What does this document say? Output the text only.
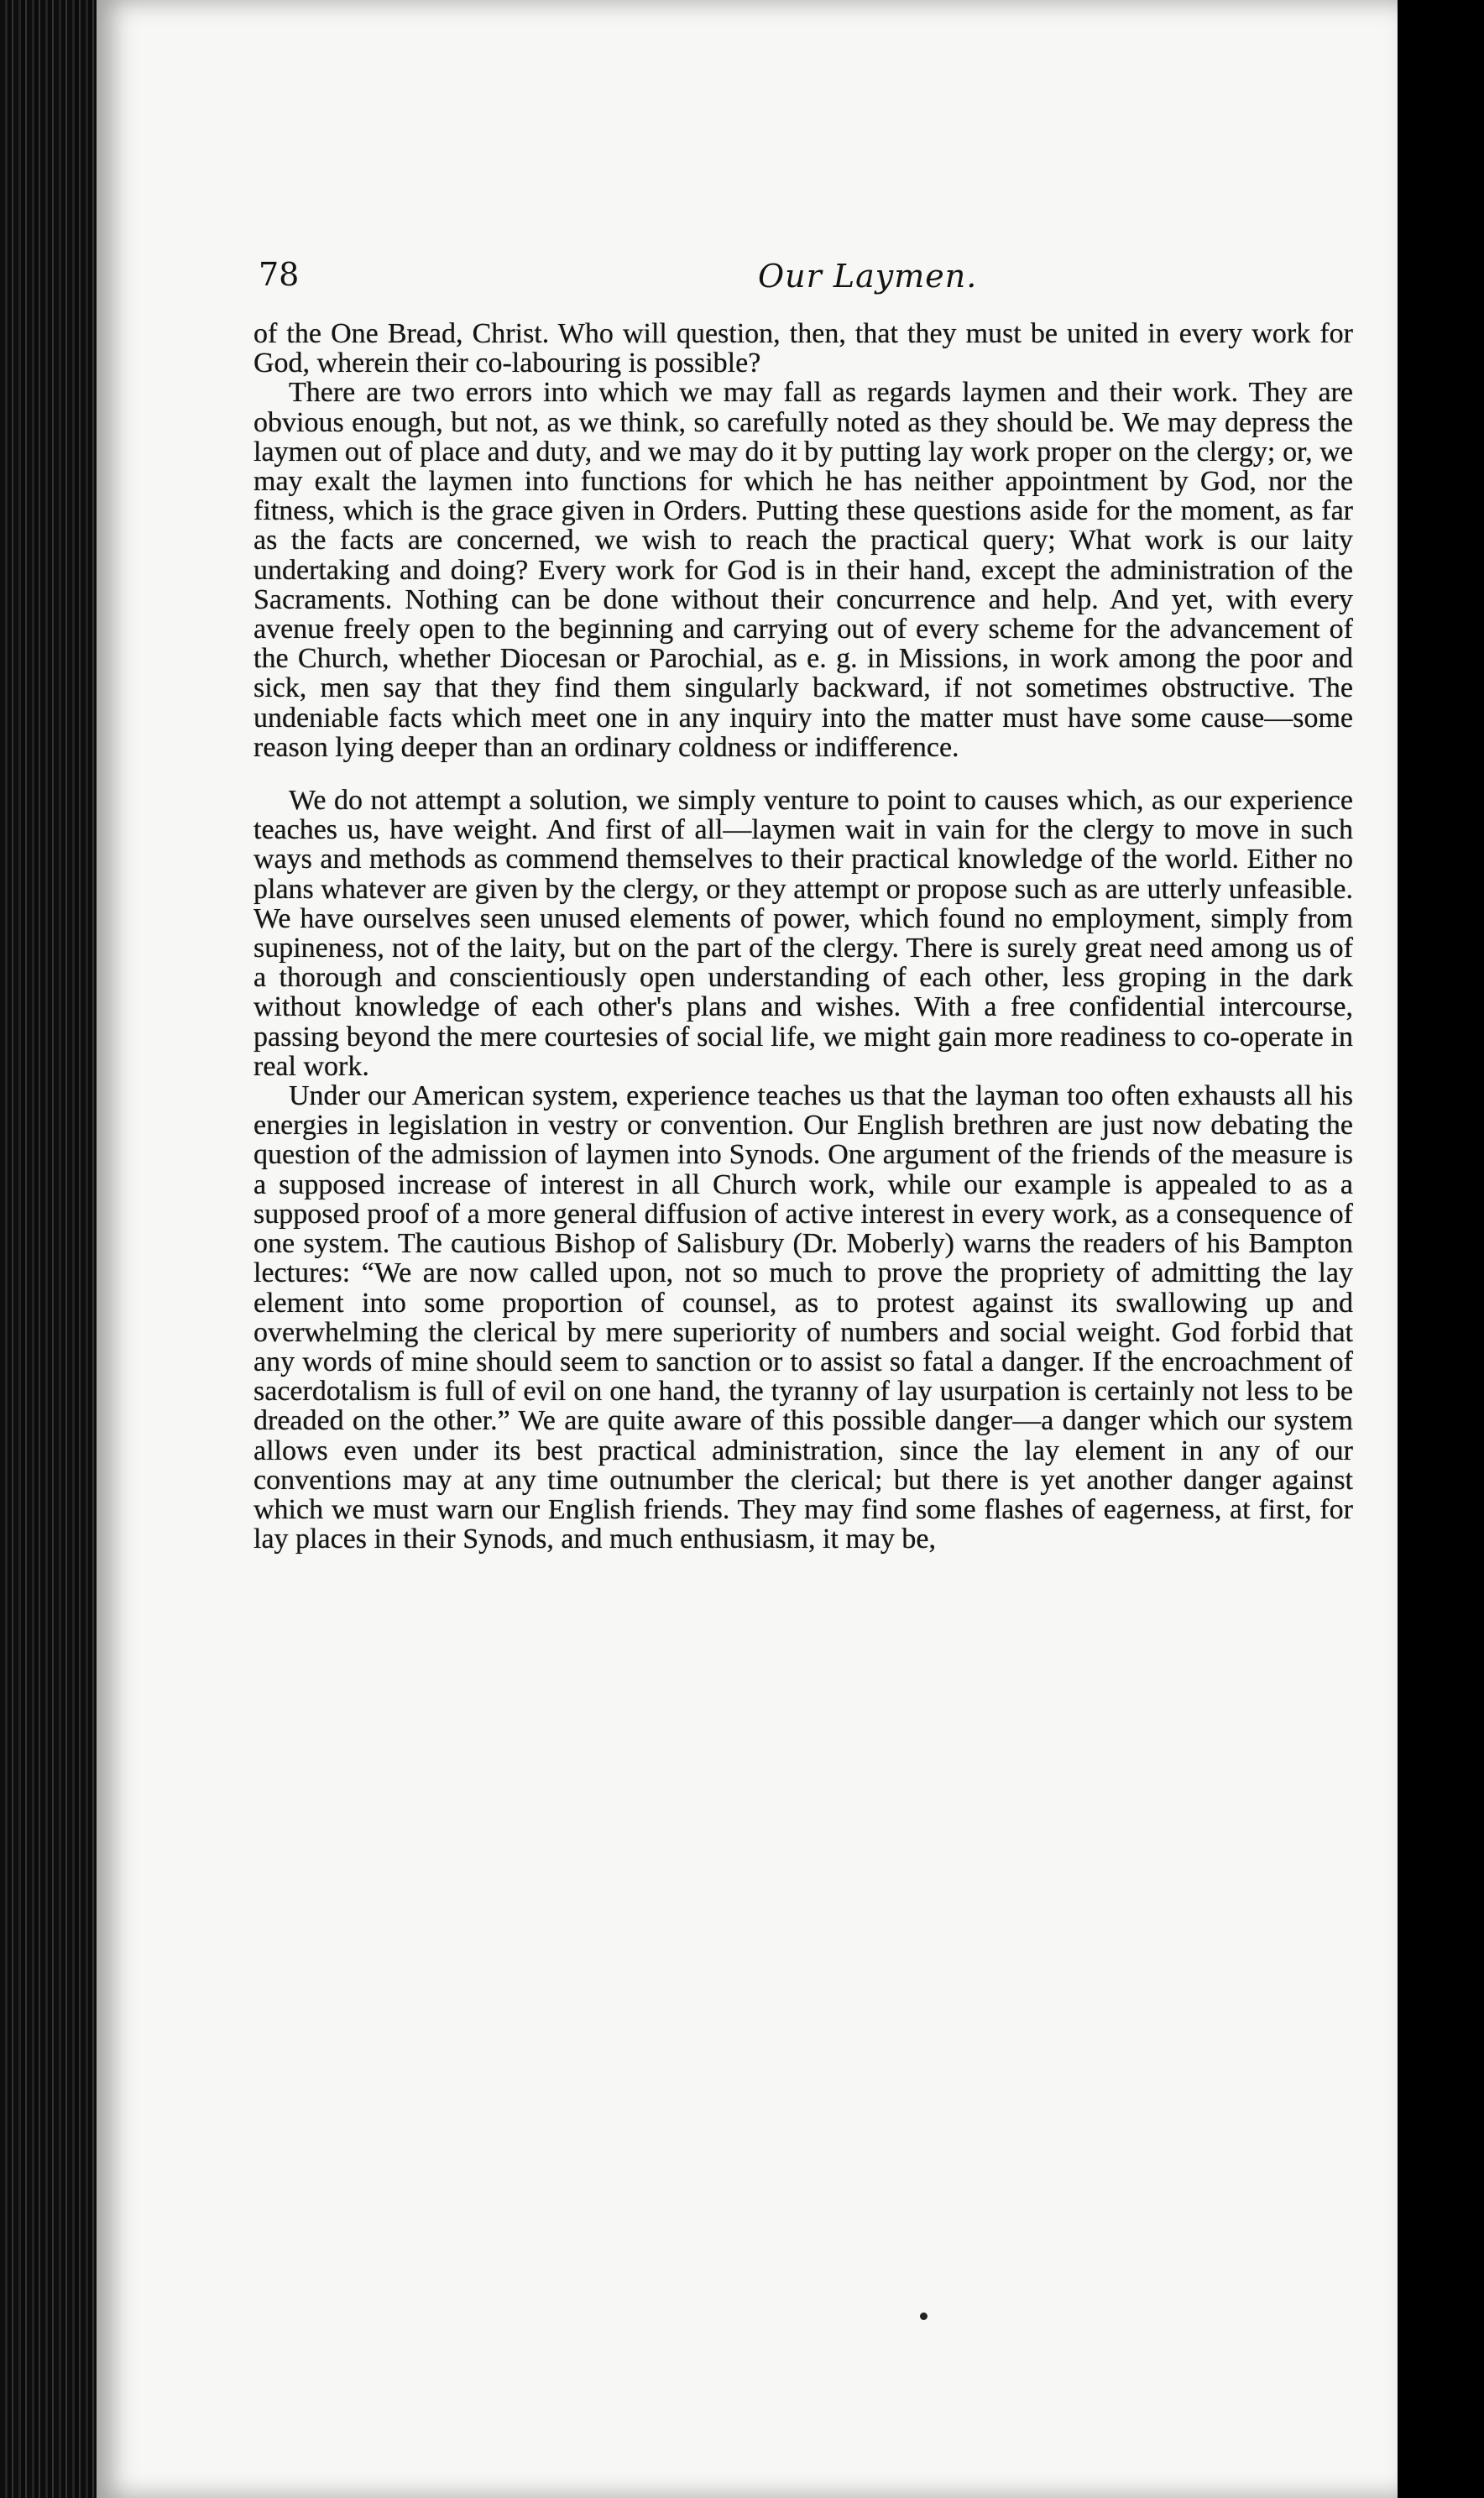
78	Our Laymen.

of the One Bread, Christ. Who will question, then, that they must be united in every work for God, wherein their co-labouring is possible?

There are two errors into which we may fall as regards laymen and their work. They are obvious enough, but not, as we think, so carefully noted as they should be. We may depress the laymen out of place and duty, and we may do it by putting lay work proper on the clergy; or, we may exalt the laymen into functions for which he has neither appointment by God, nor the fitness, which is the grace given in Orders. Putting these questions aside for the moment, as far as the facts are concerned, we wish to reach the practical query; What work is our laity undertaking and doing? Every work for God is in their hand, except the administration of the Sacraments. Nothing can be done without their concurrence and help. And yet, with every avenue freely open to the beginning and carrying out of every scheme for the advancement of the Church, whether Diocesan or Parochial, as e. g. in Missions, in work among the poor and sick, men say that they find them singularly backward, if not sometimes obstructive. The undeniable facts which meet one in any inquiry into the matter must have some cause—some reason lying deeper than an ordinary coldness or indifference.

We do not attempt a solution, we simply venture to point to causes which, as our experience teaches us, have weight. And first of all—laymen wait in vain for the clergy to move in such ways and methods as commend themselves to their practical knowledge of the world. Either no plans whatever are given by the clergy, or they attempt or propose such as are utterly unfeasible. We have ourselves seen unused elements of power, which found no employment, simply from supineness, not of the laity, but on the part of the clergy. There is surely great need among us of a thorough and conscientiously open understanding of each other, less groping in the dark without knowledge of each other's plans and wishes. With a free confidential intercourse, passing beyond the mere courtesies of social life, we might gain more readiness to co-operate in real work.

Under our American system, experience teaches us that the layman too often exhausts all his energies in legislation in vestry or convention. Our English brethren are just now debating the question of the admission of laymen into Synods. One argument of the friends of the measure is a supposed increase of interest in all Church work, while our example is appealed to as a supposed proof of a more general diffusion of active interest in every work, as a consequence of one system. The cautious Bishop of Salisbury (Dr. Moberly) warns the readers of his Bampton lectures: “We are now called upon, not so much to prove the propriety of admitting the lay element into some proportion of counsel, as to protest against its swallowing up and overwhelming the clerical by mere superiority of numbers and social weight. God forbid that any words of mine should seem to sanction or to assist so fatal a danger. If the encroachment of sacerdotalism is full of evil on one hand, the tyranny of lay usurpation is certainly not less to be dreaded on the other.” We are quite aware of this possible danger—a danger which our system allows even under its best practical administration, since the lay element in any of our conventions may at any time outnumber the clerical; but there is yet another danger against which we must warn our English friends. They may find some flashes of eagerness, at first, for lay places in their Synods, and much enthusiasm, it may be,
